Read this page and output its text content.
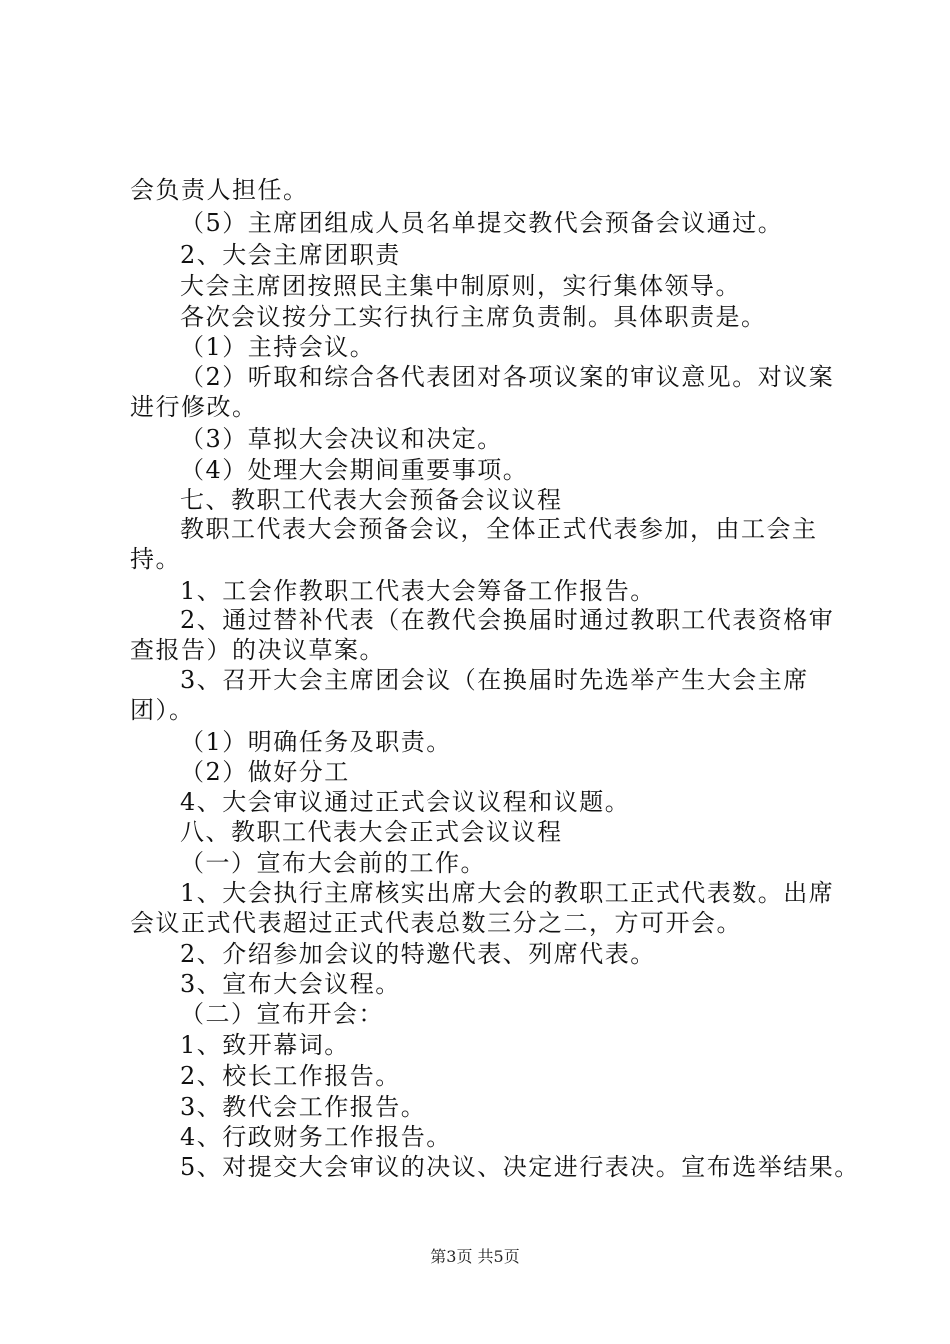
会负责人担任。
（5）主席团组成人员名单提交教代会预备会议通过。
2、大会主席团职责
大会主席团按照民主集中制原则，实行集体领导。
各次会议按分工实行执行主席负责制。具体职责是。
（1）主持会议。
（2）听取和综合各代表团对各项议案的审议意见。对议案
进行修改。
（3）草拟大会决议和决定。
（4）处理大会期间重要事项。
七、教职工代表大会预备会议议程
教职工代表大会预备会议，全体正式代表参加，由工会主
持。
1、工会作教职工代表大会筹备工作报告。
2、通过替补代表（在教代会换届时通过教职工代表资格审
查报告）的决议草案。
3、召开大会主席团会议（在换届时先选举产生大会主席
团）。
（1）明确任务及职责。
（2）做好分工
4、大会审议通过正式会议议程和议题。
八、教职工代表大会正式会议议程
（一）宣布大会前的工作。
1、大会执行主席核实出席大会的教职工正式代表数。出席
会议正式代表超过正式代表总数三分之二，方可开会。
2、介绍参加会议的特邀代表、列席代表。
3、宣布大会议程。
（二）宣布开会：
1、致开幕词。
2、校长工作报告。
3、教代会工作报告。
4、行政财务工作报告。
5、对提交大会审议的决议、决定进行表决。宣布选举结果。
第3页 共5页
